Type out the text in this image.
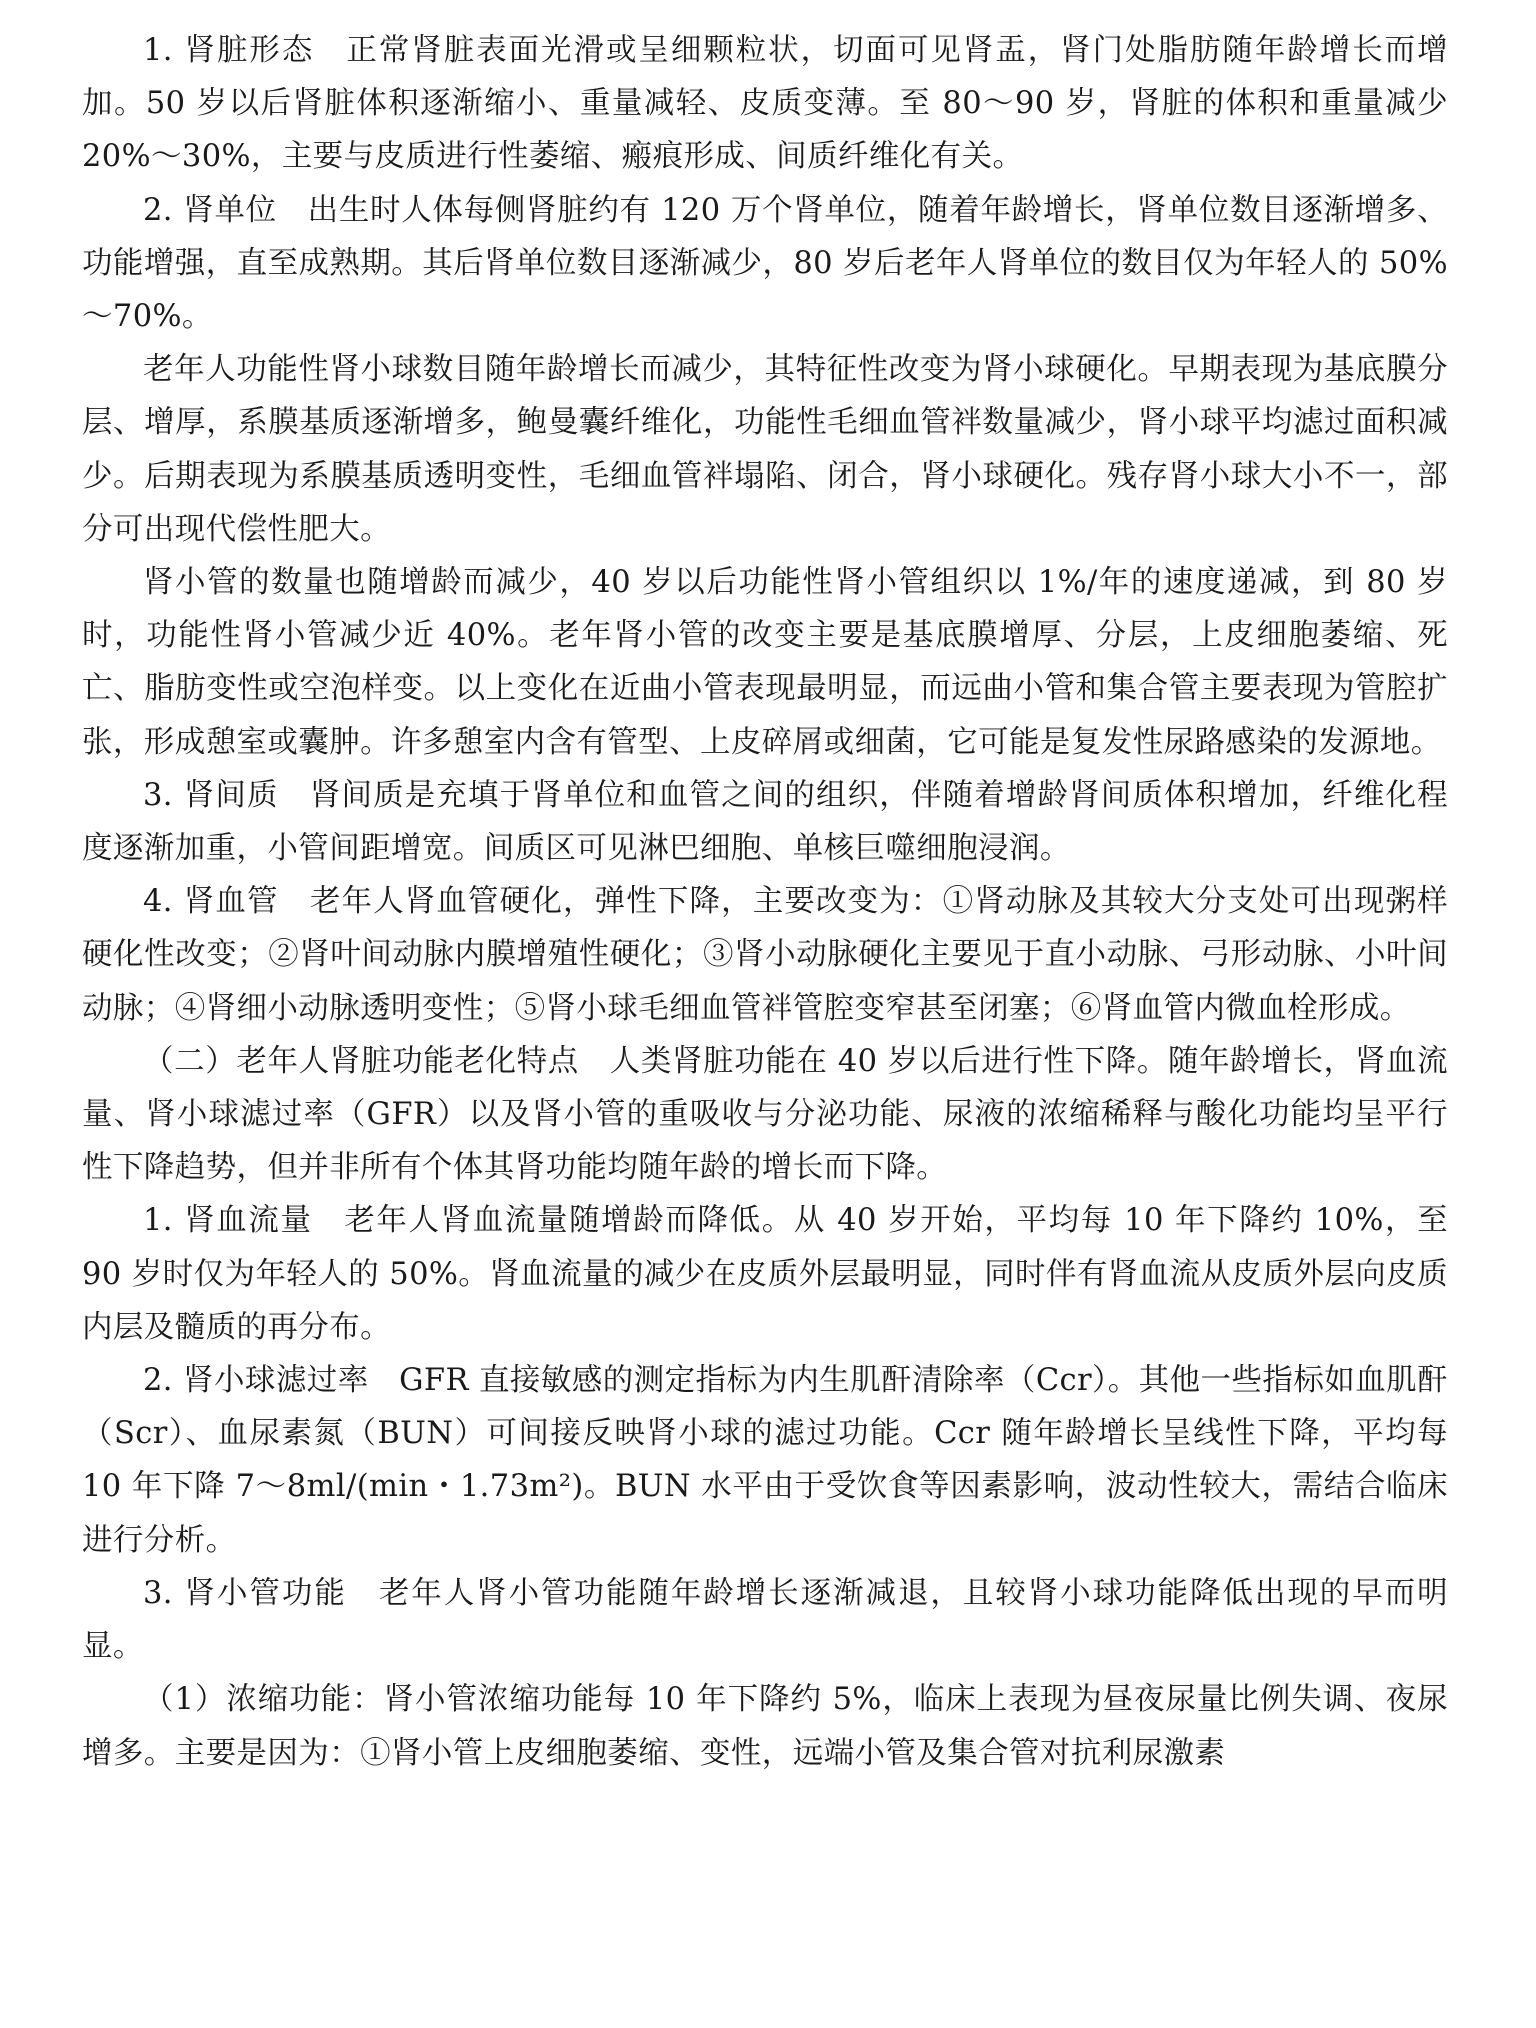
1. 肾脏形态 正常肾脏表面光滑或呈细颗粒状，切面可见肾盂，肾门处脂肪随年龄增长而增加。50 岁以后肾脏体积逐渐缩小、重量减轻、皮质变薄。至 80～90 岁，肾脏的体积和重量减少 20%～30%，主要与皮质进行性萎缩、瘢痕形成、间质纤维化有关。

2. 肾单位 出生时人体每侧肾脏约有 120 万个肾单位，随着年龄增长，肾单位数目逐渐增多、功能增强，直至成熟期。其后肾单位数目逐渐减少，80 岁后老年人肾单位的数目仅为年轻人的 50%～70%。

老年人功能性肾小球数目随年龄增长而减少，其特征性改变为肾小球硬化。早期表现为基底膜分层、增厚，系膜基质逐渐增多，鲍曼囊纤维化，功能性毛细血管袢数量减少，肾小球平均滤过面积减少。后期表现为系膜基质透明变性，毛细血管袢塌陷、闭合，肾小球硬化。残存肾小球大小不一，部分可出现代偿性肥大。

肾小管的数量也随增龄而减少，40 岁以后功能性肾小管组织以 1%/年的速度递减，到 80 岁时，功能性肾小管减少近 40%。老年肾小管的改变主要是基底膜增厚、分层，上皮细胞萎缩、死亡、脂肪变性或空泡样变。以上变化在近曲小管表现最明显，而远曲小管和集合管主要表现为管腔扩张，形成憩室或囊肿。许多憩室内含有管型、上皮碎屑或细菌，它可能是复发性尿路感染的发源地。

3. 肾间质 肾间质是充填于肾单位和血管之间的组织，伴随着增龄肾间质体积增加，纤维化程度逐渐加重，小管间距增宽。间质区可见淋巴细胞、单核巨噬细胞浸润。

4. 肾血管 老年人肾血管硬化，弹性下降，主要改变为：①肾动脉及其较大分支处可出现粥样硬化性改变；②肾叶间动脉内膜增殖性硬化；③肾小动脉硬化主要见于直小动脉、弓形动脉、小叶间动脉；④肾细小动脉透明变性；⑤肾小球毛细血管袢管腔变窄甚至闭塞；⑥肾血管内微血栓形成。

（二）老年人肾脏功能老化特点 人类肾脏功能在 40 岁以后进行性下降。随年龄增长，肾血流量、肾小球滤过率（GFR）以及肾小管的重吸收与分泌功能、尿液的浓缩稀释与酸化功能均呈平行性下降趋势，但并非所有个体其肾功能均随年龄的增长而下降。

1. 肾血流量 老年人肾血流量随增龄而降低。从 40 岁开始，平均每 10 年下降约 10%，至 90 岁时仅为年轻人的 50%。肾血流量的减少在皮质外层最明显，同时伴有肾血流从皮质外层向皮质内层及髓质的再分布。

2. 肾小球滤过率 GFR 直接敏感的测定指标为内生肌酐清除率（Ccr）。其他一些指标如血肌酐（Scr）、血尿素氮（BUN）可间接反映肾小球的滤过功能。Ccr 随年龄增长呈线性下降，平均每 10 年下降 7～8ml/(min・1.73m²)。BUN 水平由于受饮食等因素影响，波动性较大，需结合临床进行分析。

3. 肾小管功能 老年人肾小管功能随年龄增长逐渐减退，且较肾小球功能降低出现的早而明显。

（1）浓缩功能：肾小管浓缩功能每 10 年下降约 5%，临床上表现为昼夜尿量比例失调、夜尿增多。主要是因为：①肾小管上皮细胞萎缩、变性，远端小管及集合管对抗利尿激素
